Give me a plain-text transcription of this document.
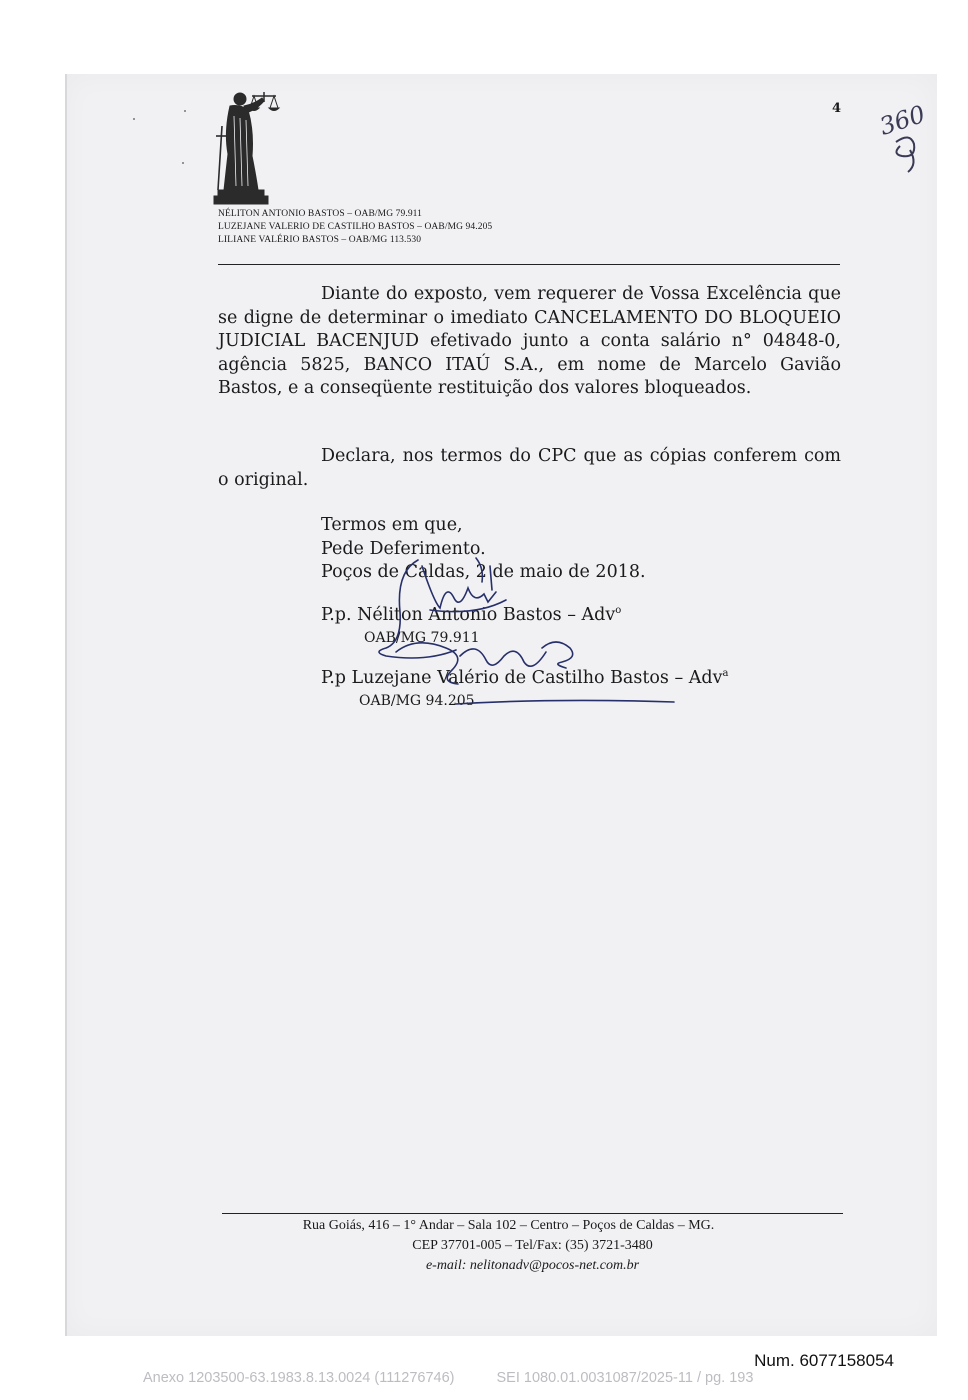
4 360
NÉLITON ANTONIO BASTOS – OAB/MG 79.911
LUZEJANE VALERIO DE CASTILHO BASTOS – OAB/MG 94.205
LILIANE VALÉRIO BASTOS – OAB/MG 113.530

Diante do exposto, vem requerer de Vossa Excelência que se digne de determinar o imediato CANCELAMENTO DO BLOQUEIO JUDICIAL BACENJUD efetivado junto a conta salário n° 04848-0, agência 5825, BANCO ITAÚ S.A., em nome de Marcelo Gavião Bastos, e a conseqüente restituição dos valores bloqueados.

Declara, nos termos do CPC que as cópias conferem com o original.

Termos em que,
Pede Deferimento.
Poços de Caldas, 2 de maio de 2018.
P.p. Néliton Antonio Bastos – Adv$^o$
OAB/MG 79.911
P.p Luzejane Valério de Castilho Bastos – Adv$^a$
OAB/MG 94.205
Rua Goiás, 416 – 1° Andar – Sala 102 – Centro – Poços de Caldas – MG.
CEP 37701-005 – Tel/Fax: (35) 3721-3480
e-mail: nelitonadv@pocos-net.com.br
Num. 6077158054
Anexo 1203500-63.1983.8.13.0024 (111276746)	SEI 1080.01.0031087/2025-11 / pg. 193
